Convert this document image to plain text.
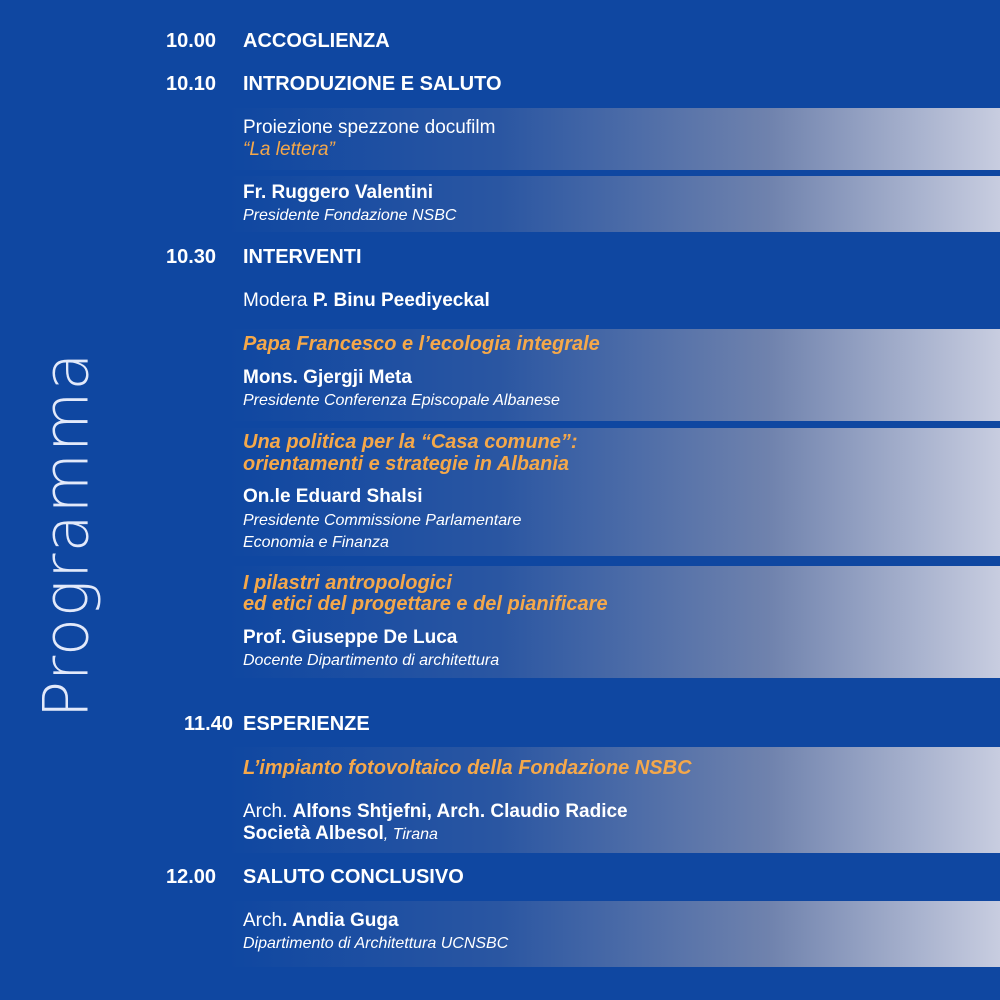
Programma
10.00	ACCOGLIENZA
10.10	INTRODUZIONE E SALUTO
Proiezione spezzone docufilm
“La lettera”
Fr. Ruggero Valentini
Presidente Fondazione NSBC
10.30	INTERVENTI
Modera P. Binu Peediyeckal
Papa Francesco e l’ecologia integrale
Mons. Gjergji Meta
Presidente Conferenza Episcopale Albanese
Una politica per la “Casa comune”:
orientamenti e strategie in Albania
On.le Eduard Shalsi
Presidente Commissione Parlamentare
Economia e Finanza
I pilastri antropologici
ed etici del progettare e del pianificare
Prof. Giuseppe De Luca
Docente Dipartimento di architettura
11.40 ESPERIENZE
L’impianto fotovoltaico della Fondazione NSBC
Arch. Alfons Shtjefni, Arch. Claudio Radice
Società Albesol, Tirana
12.00	SALUTO CONCLUSIVO
Arch. Andia Guga
Dipartimento di Architettura UCNSBC
